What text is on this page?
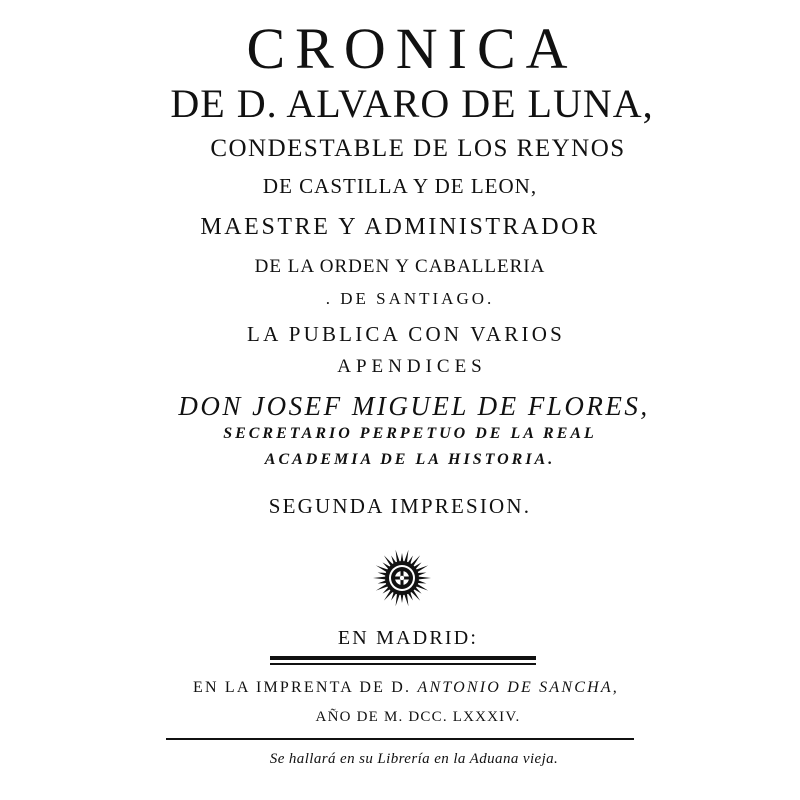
CRONICA
DE D. ALVARO DE LUNA,
CONDESTABLE DE LOS REYNOS
DE CASTILLA Y DE LEON,
MAESTRE Y ADMINISTRADOR
DE LA ORDEN Y CABALLERIA
. DE SANTIAGO.
LA PUBLICA CON VARIOS
APENDICES
DON JOSEF MIGUEL DE FLORES,
SECRETARIO PERPETUO DE LA REAL
ACADEMIA DE LA HISTORIA.
SEGUNDA IMPRESION.
EN MADRID:
EN LA IMPRENTA DE D. ANTONIO DE SANCHA,
AÑO DE M. DCC. LXXXIV.
Se hallará en su Librería en la Aduana vieja.
